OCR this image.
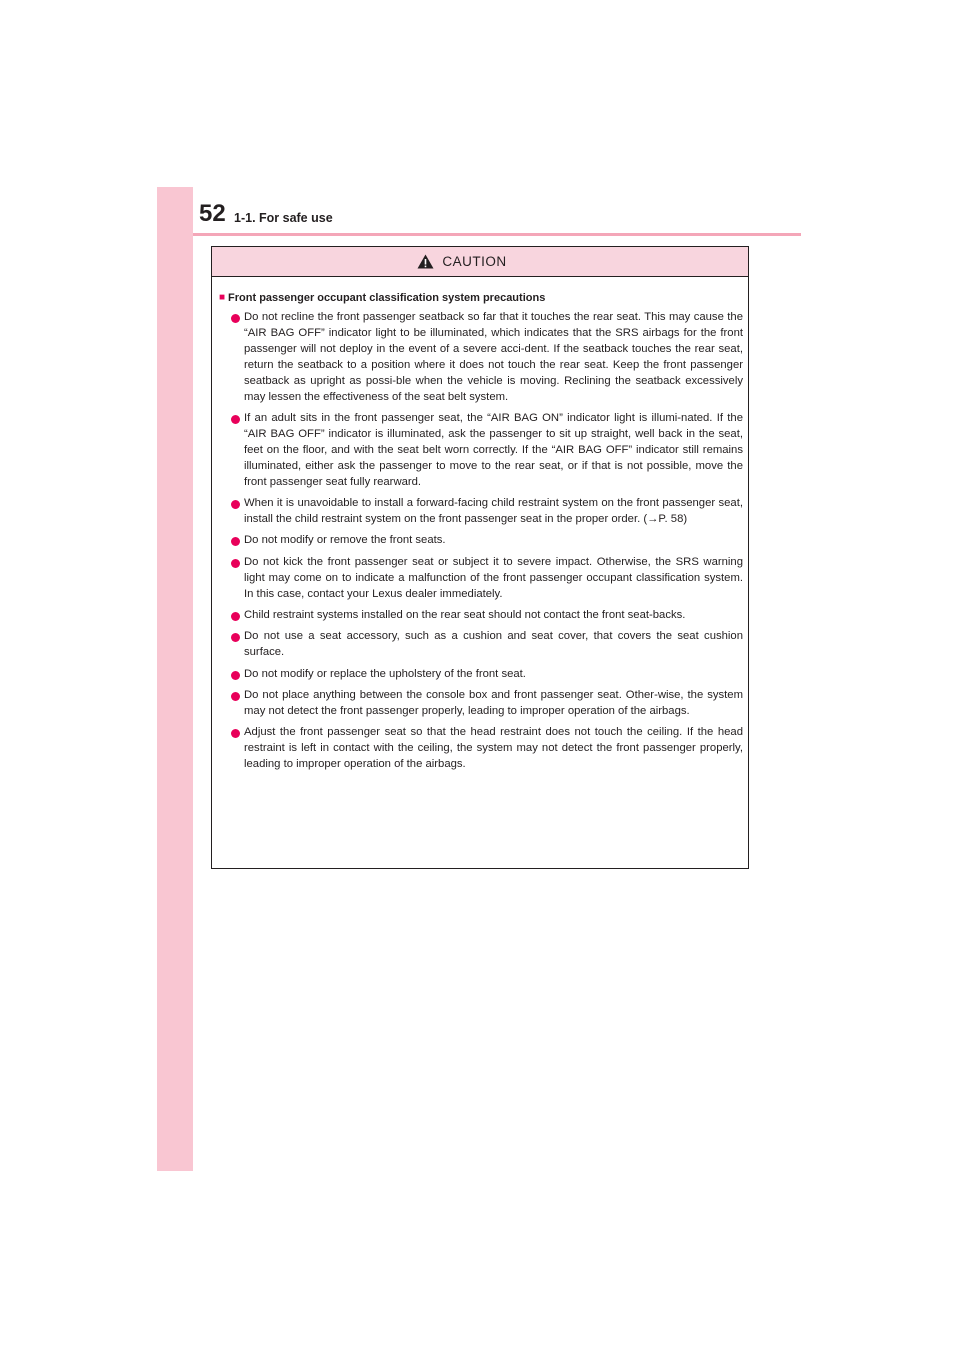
52 1-1. For safe use
CAUTION
■ Front passenger occupant classification system precautions
Do not recline the front passenger seatback so far that it touches the rear seat. This may cause the “AIR BAG OFF” indicator light to be illuminated, which indicates that the SRS airbags for the front passenger will not deploy in the event of a severe acci-dent. If the seatback touches the rear seat, return the seatback to a position where it does not touch the rear seat. Keep the front passenger seatback as upright as possi-ble when the vehicle is moving. Reclining the seatback excessively may lessen the effectiveness of the seat belt system.
If an adult sits in the front passenger seat, the “AIR BAG ON” indicator light is illumi-nated. If the “AIR BAG OFF” indicator is illuminated, ask the passenger to sit up straight, well back in the seat, feet on the floor, and with the seat belt worn correctly. If the “AIR BAG OFF” indicator still remains illuminated, either ask the passenger to move to the rear seat, or if that is not possible, move the front passenger seat fully rearward.
When it is unavoidable to install a forward-facing child restraint system on the front passenger seat, install the child restraint system on the front passenger seat in the proper order. (→P. 58)
Do not modify or remove the front seats.
Do not kick the front passenger seat or subject it to severe impact. Otherwise, the SRS warning light may come on to indicate a malfunction of the front passenger occupant classification system. In this case, contact your Lexus dealer immediately.
Child restraint systems installed on the rear seat should not contact the front seat-backs.
Do not use a seat accessory, such as a cushion and seat cover, that covers the seat cushion surface.
Do not modify or replace the upholstery of the front seat.
Do not place anything between the console box and front passenger seat. Other-wise, the system may not detect the front passenger properly, leading to improper operation of the airbags.
Adjust the front passenger seat so that the head restraint does not touch the ceiling. If the head restraint is left in contact with the ceiling, the system may not detect the front passenger properly, leading to improper operation of the airbags.
